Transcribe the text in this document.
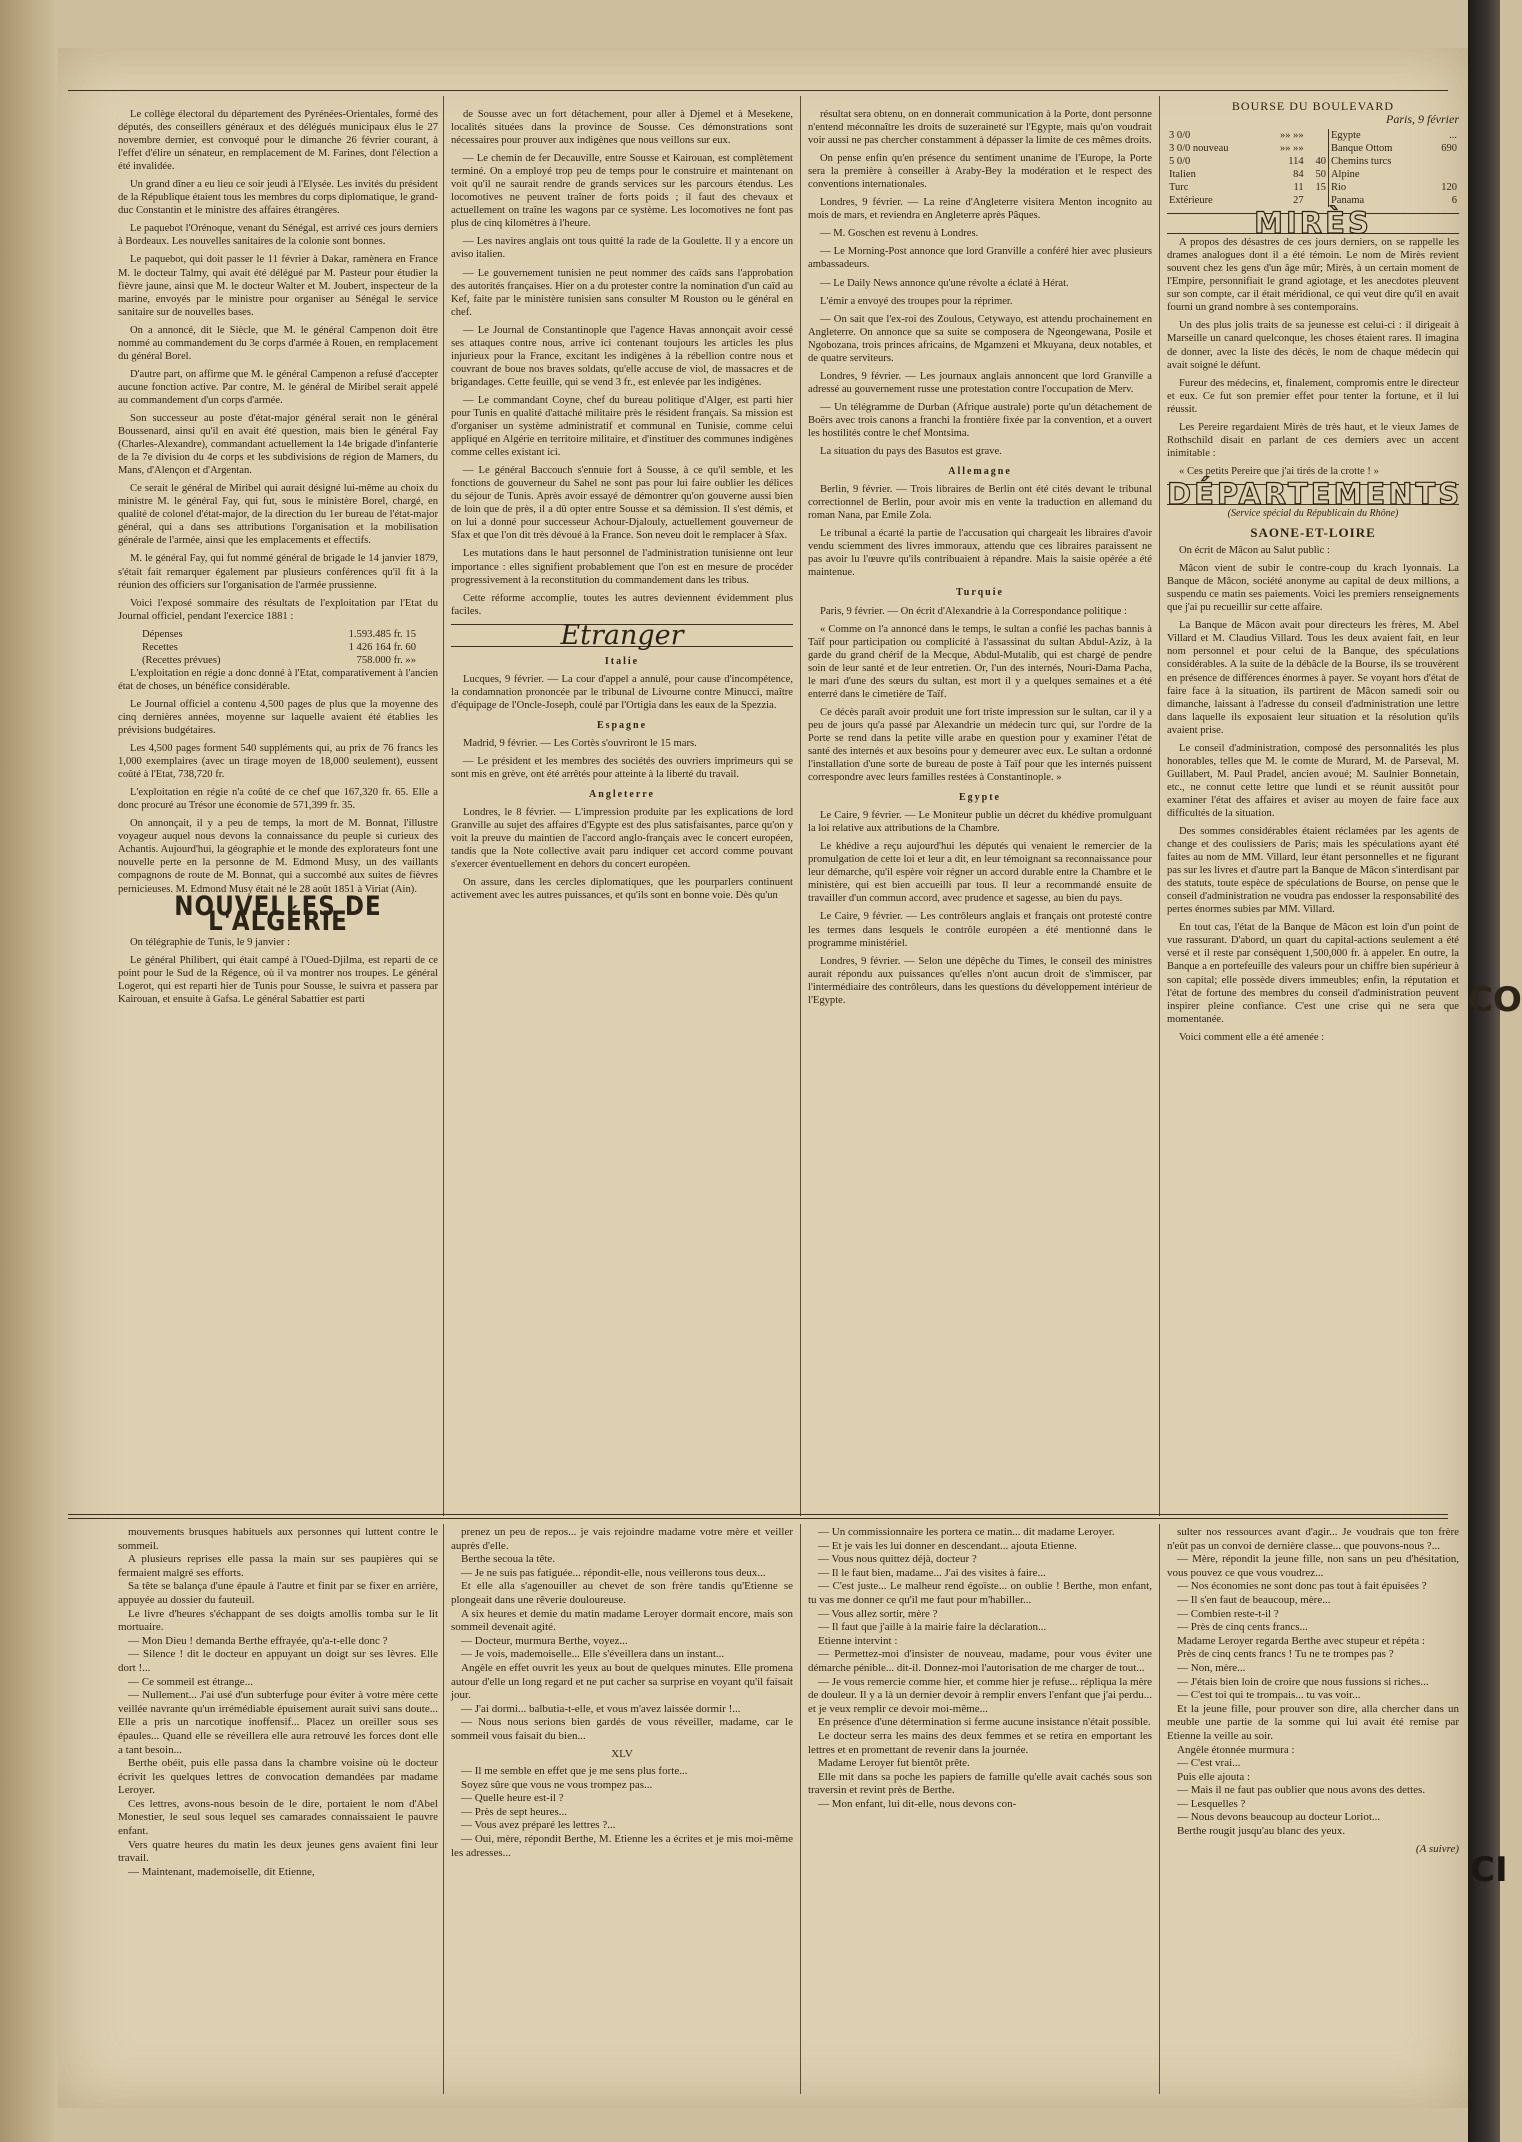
Le collège électoral du département des Pyrénées-Orientales, formé des députés, des conseillers généraux et des délégués municipaux élus le 27 novembre dernier, est convoqué pour le dimanche 26 février courant, à l'effet d'élire un sénateur, en remplacement de M. Farines, dont l'élection a été invalidée.

Un grand dîner a eu lieu ce soir jeudi à l'Elysée. Les invités du président de la République étaient tous les membres du corps diplomatique, le grand-duc Constantin et le ministre des affaires étrangères.

Le paquebot l'Orénoque, venant du Sénégal, est arrivé ces jours derniers à Bordeaux. Les nouvelles sanitaires de la colonie sont bonnes.

Le paquebot, qui doit passer le 11 février à Dakar, ramènera en France M. le docteur Talmy, qui avait été délégué par M. Pasteur pour étudier la fièvre jaune, ainsi que M. le docteur Walter et M. Joubert, inspecteur de la marine, envoyés par le ministre pour organiser au Sénégal le service sanitaire sur de nouvelles bases.

On a annoncé, dit le Siècle, que M. le général Campenon doit être nommé au commandement du 3e corps d'armée à Rouen, en remplacement du général Borel.

D'autre part, on affirme que M. le général Campenon a refusé d'accepter aucune fonction active. Par contre, M. le général de Miribel serait appelé au commandement d'un corps d'armée.

Son successeur au poste d'état-major général serait non le général Boussenard, ainsi qu'il en avait été question, mais bien le général Fay (Charles-Alexandre), commandant actuellement la 14e brigade d'infanterie de la 7e division du 4e corps et les subdivisions de région de Mamers, du Mans, d'Alençon et d'Argentan.

Ce serait le général de Miribel qui aurait désigné lui-même au choix du ministre M. le général Fay, qui fut, sous le ministère Borel, chargé, en qualité de colonel d'état-major, de la direction du 1er bureau de l'état-major général, qui a dans ses attributions l'organisation et la mobilisation générale de l'armée, ainsi que les emplacements et effectifs.

M. le général Fay, qui fut nommé général de brigade le 14 janvier 1879, s'était fait remarquer également par plusieurs conférences qu'il fit à la réunion des officiers sur l'organisation de l'armée prussienne.

Voici l'exposé sommaire des résultats de l'exploitation par l'Etat du Journal officiel, pendant l'exercice 1881 :

Dépenses	1.593.485 fr. 15
Recettes	1 426 164 fr. 60
(Recettes prévues)	758.000 fr. »»

L'exploitation en régie a donc donné à l'Etat, comparativement à l'ancien état de choses, un bénéfice considérable.

Le Journal officiel a contenu 4,500 pages de plus que la moyenne des cinq dernières années, moyenne sur laquelle avaient été établies les prévisions budgétaires.

Les 4,500 pages forment 540 suppléments qui, au prix de 76 francs les 1,000 exemplaires (avec un tirage moyen de 18,000 seulement), eussent coûté à l'Etat, 738,720 fr.

L'exploitation en régie n'a coûté de ce chef que 167,320 fr. 65. Elle a donc procuré au Trésor une économie de 571,399 fr. 35.

On annonçait, il y a peu de temps, la mort de M. Bonnat, l'illustre voyageur auquel nous devons la connaissance du peuple si curieux des Achantis. Aujourd'hui, la géographie et le monde des explorateurs font une nouvelle perte en la personne de M. Edmond Musy, un des vaillants compagnons de route de M. Bonnat, qui a succombé aux suites de fièvres pernicieuses. M. Edmond Musy était né le 28 août 1851 à Viriat (Ain).

NOUVELLES DE L'ALGÉRIE

On télégraphie de Tunis, le 9 janvier :

Le général Philibert, qui était campé à l'Oued-Djilma, est reparti de ce point pour le Sud de la Régence, où il va montrer nos troupes. Le général Logerot, qui est reparti hier de Tunis pour Sousse, le suivra et passera par Kairouan, et ensuite à Gafsa. Le général Sabattier est parti

de Sousse avec un fort détachement, pour aller à Djemel et à Mesekene, localités situées dans la province de Sousse. Ces démonstrations sont nécessaires pour prouver aux indigènes que nous veillons sur eux.

— Le chemin de fer Decauville, entre Sousse et Kairouan, est complètement terminé. On a employé trop peu de temps pour le construire et maintenant on voit qu'il ne saurait rendre de grands services sur les parcours étendus. Les locomotives ne peuvent traîner de forts poids ; il faut des chevaux et actuellement on traîne les wagons par ce système. Les locomotives ne font pas plus de cinq kilomètres à l'heure.

— Les navires anglais ont tous quitté la rade de la Goulette. Il y a encore un aviso italien.

— Le gouvernement tunisien ne peut nommer des caïds sans l'approbation des autorités françaises. Hier on a du protester contre la nomination d'un caïd au Kef, faite par le ministère tunisien sans consulter M Rouston ou le général en chef.

— Le Journal de Constantinople que l'agence Havas annonçait avoir cessé ses attaques contre nous, arrive ici contenant toujours les articles les plus injurieux pour la France, excitant les indigènes à la rébellion contre nous et couvrant de boue nos braves soldats, qu'elle accuse de viol, de massacres et de brigandages. Cette feuille, qui se vend 3 fr., est enlevée par les indigènes.

— Le commandant Coyne, chef du bureau politique d'Alger, est parti hier pour Tunis en qualité d'attaché militaire près le résident français. Sa mission est d'organiser un système administratif et communal en Tunisie, comme celui appliqué en Algérie en territoire militaire, et d'instituer des communes indigènes comme celles existant ici.

— Le général Baccouch s'ennuie fort à Sousse, à ce qu'il semble, et les fonctions de gouverneur du Sahel ne sont pas pour lui faire oublier les délices du séjour de Tunis. Après avoir essayé de démontrer qu'on gouverne aussi bien de loin que de près, il a dû opter entre Sousse et sa démission. Il s'est démis, et on lui a donné pour successeur Achour-Djalouly, actuellement gouverneur de Sfax et que l'on dit très dévoué à la France. Son neveu doit le remplacer à Sfax.

Les mutations dans le haut personnel de l'administration tunisienne ont leur importance : elles signifient probablement que l'on est en mesure de procéder progressivement à la reconstitution du commandement dans les tribus.

Cette réforme accomplie, toutes les autres deviennent évidemment plus faciles.

Etranger
Italie

Lucques, 9 février. — La cour d'appel a annulé, pour cause d'incompétence, la condamnation prononcée par le tribunal de Livourne contre Minucci, maître d'équipage de l'Oncle-Joseph, coulé par l'Ortigia dans les eaux de la Spezzia.

Espagne

Madrid, 9 février. — Les Cortès s'ouvriront le 15 mars.

— Le président et les membres des sociétés des ouvriers imprimeurs qui se sont mis en grève, ont été arrêtés pour atteinte à la liberté du travail.

Angleterre

Londres, le 8 février. — L'impression produite par les explications de lord Granville au sujet des affaires d'Egypte est des plus satisfaisantes, parce qu'on y voit la preuve du maintien de l'accord anglo-français avec le concert européen, tandis que la Note collective avait paru indiquer cet accord comme pouvant s'exercer éventuellement en dehors du concert européen.

On assure, dans les cercles diplomatiques, que les pourparlers continuent activement avec les autres puissances, et qu'ils sont en bonne voie. Dès qu'un

résultat sera obtenu, on en donnerait communication à la Porte, dont personne n'entend méconnaître les droits de suzeraineté sur l'Egypte, mais qu'on voudrait voir aussi ne pas chercher constamment à dépasser la limite de ces mêmes droits.

On pense enfin qu'en présence du sentiment unanime de l'Europe, la Porte sera la première à conseiller à Araby-Bey la modération et le respect des conventions internationales.

Londres, 9 février. — La reine d'Angleterre visitera Menton incognito au mois de mars, et reviendra en Angleterre après Pâques.

— M. Goschen est revenu à Londres.

— Le Morning-Post annonce que lord Granville a conféré hier avec plusieurs ambassadeurs.

— Le Daily News annonce qu'une révolte a éclaté à Hérat.

L'émir a envoyé des troupes pour la réprimer.

— On sait que l'ex-roi des Zoulous, Cetywayo, est attendu prochainement en Angleterre. On annonce que sa suite se composera de Ngeongewana, Posile et Ngobozana, trois princes africains, de Mgamzeni et Mkuyana, deux notables, et de quatre serviteurs.

Londres, 9 février. — Les journaux anglais annoncent que lord Granville a adressé au gouvernement russe une protestation contre l'occupation de Merv.

— Un télégramme de Durban (Afrique australe) porte qu'un détachement de Boërs avec trois canons a franchi la frontière fixée par la convention, et a ouvert les hostilités contre le chef Montsima.

La situation du pays des Basutos est grave.

Allemagne

Berlin, 9 février. — Trois libraires de Berlin ont été cités devant le tribunal correctionnel de Berlin, pour avoir mis en vente la traduction en allemand du roman Nana, par Emile Zola.

Le tribunal a écarté la partie de l'accusation qui chargeait les libraires d'avoir vendu sciemment des livres immoraux, attendu que ces libraires paraissent ne pas avoir lu l'œuvre qu'ils contribuaient à répandre. Mais la saisie opérée a été maintenue.

Turquie

Paris, 9 février. — On écrit d'Alexandrie à la Correspondance politique :

« Comme on l'a annoncé dans le temps, le sultan a confié les pachas bannis à Taïf pour participation ou complicité à l'assassinat du sultan Abdul-Aziz, à la garde du grand chérif de la Mecque, Abdul-Mutalib, qui est chargé de pendre soin de leur santé et de leur entretien. Or, l'un des internés, Nouri-Dama Pacha, le mari d'une des sœurs du sultan, est mort il y a quelques semaines et a été enterré dans le cimetière de Taïf.

Ce décès paraît avoir produit une fort triste impression sur le sultan, car il y a peu de jours qu'a passé par Alexandrie un médecin turc qui, sur l'ordre de la Porte se rend dans la petite ville arabe en question pour y examiner l'état de santé des internés et aux besoins pour y demeurer avec eux. Le sultan a ordonné l'installation d'une sorte de bureau de poste à Taïf pour que les internés puissent correspondre avec leurs familles restées à Constantinople. »

Egypte

Le Caire, 9 février. — Le Moniteur publie un décret du khédive promulguant la loi relative aux attributions de la Chambre.

Le khédive a reçu aujourd'hui les députés qui venaient le remercier de la promulgation de cette loi et leur a dit, en leur témoignant sa reconnaissance pour leur démarche, qu'il espère voir régner un accord durable entre la Chambre et le ministère, qui est bien accueilli par tous. Il leur a recommandé ensuite de travailler d'un commun accord, avec prudence et sagesse, au bien du pays.

Le Caire, 9 février. — Les contrôleurs anglais et français ont protesté contre les termes dans lesquels le contrôle européen a été mentionné dans le programme ministériel.

Londres, 9 février. — Selon une dépêche du Times, le conseil des ministres aurait répondu aux puissances qu'elles n'ont aucun droit de s'immiscer, par l'intermédiaire des contrôleurs, dans les questions du développement intérieur de l'Egypte.

BOURSE DU BOULEVARD
Paris, 9 février
3 0/0	»» »»		Egypte	...
3 0/0 nouveau	»» »»		Banque Ottom	690
5 0/0	114	40	Chemins turcs	
Italien	84	50	Alpine	
Turc	11	15	Rio	120
Extérieure	27		Panama	6
MIRÈS

A propos des désastres de ces jours derniers, on se rappelle les drames analogues dont il a été témoin. Le nom de Mirès revient souvent chez les gens d'un âge mûr; Mirès, à un certain moment de l'Empire, personnifiait le grand agiotage, et les anecdotes pleuvent sur son compte, car il était méridional, ce qui veut dire qu'il en avait fourni un grand nombre à ses contemporains.

Un des plus jolis traits de sa jeunesse est celui-ci : il dirigeait à Marseille un canard quelconque, les choses étaient rares. Il imagina de donner, avec la liste des décès, le nom de chaque médecin qui avait soigné le défunt.

Fureur des médecins, et, finalement, compromis entre le directeur et eux. Ce fut son premier effet pour tenter la fortune, et il lui réussit.

Les Pereire regardaient Mirès de très haut, et le vieux James de Rothschild disait en parlant de ces derniers avec un accent inimitable :

« Ces petits Pereire que j'ai tirés de la crotte ! »

DÉPARTEMENTS
(Service spécial du Républicain du Rhône)
SAONE-ET-LOIRE

On écrit de Mâcon au Salut public :

Mâcon vient de subir le contre-coup du krach lyonnais. La Banque de Mâcon, société anonyme au capital de deux millions, a suspendu ce matin ses paiements. Voici les premiers renseignements que j'ai pu recueillir sur cette affaire.

La Banque de Mâcon avait pour directeurs les frères, M. Abel Villard et M. Claudius Villard. Tous les deux avaient fait, en leur nom personnel et pour celui de la Banque, des spéculations considérables. A la suite de la débâcle de la Bourse, ils se trouvèrent en présence de différences énormes à payer. Se voyant hors d'état de faire face à la situation, ils partirent de Mâcon samedi soir ou dimanche, laissant à l'adresse du conseil d'administration une lettre dans laquelle ils exposaient leur situation et la résolution qu'ils avaient prise.

Le conseil d'administration, composé des personnalités les plus honorables, telles que M. le comte de Murard, M. de Parseval, M. Guillabert, M. Paul Pradel, ancien avoué; M. Saulnier Bonnetain, etc., ne connut cette lettre que lundi et se réunit aussitôt pour examiner l'état des affaires et aviser au moyen de faire face aux difficultés de la situation.

Des sommes considérables étaient réclamées par les agents de change et des coulissiers de Paris; mais les spéculations ayant été faites au nom de MM. Villard, leur étant personnelles et ne figurant pas sur les livres et d'autre part la Banque de Mâcon s'interdisant par des statuts, toute espèce de spéculations de Bourse, on pense que le conseil d'administration ne voudra pas endosser la responsabilité des pertes énormes subies par MM. Villard.

En tout cas, l'état de la Banque de Mâcon est loin d'un point de vue rassurant. D'abord, un quart du capital-actions seulement a été versé et il reste par conséquent 1,500,000 fr. à appeler. En outre, la Banque a en portefeuille des valeurs pour un chiffre bien supérieur à son capital; elle possède divers immeubles; enfin, la réputation et l'état de fortune des membres du conseil d'administration peuvent inspirer pleine confiance. C'est une crise qui ne sera que momentanée.

Voici comment elle a été amenée :

mouvements brusques habituels aux personnes qui luttent contre le sommeil.

A plusieurs reprises elle passa la main sur ses paupières qui se fermaient malgré ses efforts.

Sa tête se balança d'une épaule à l'autre et finit par se fixer en arrière, appuyée au dossier du fauteuil.

Le livre d'heures s'échappant de ses doigts amollis tomba sur le lit mortuaire.

— Mon Dieu ! demanda Berthe effrayée, qu'a-t-elle donc ?

— Silence ! dit le docteur en appuyant un doigt sur ses lèvres. Elle dort !...

— Ce sommeil est étrange...

— Nullement... J'ai usé d'un subterfuge pour éviter à votre mère cette veillée navrante qu'un irrémédiable épuisement aurait suivi sans doute... Elle a pris un narcotique inoffensif... Placez un oreiller sous ses épaules... Quand elle se réveillera elle aura retrouvé les forces dont elle a tant besoin...

Berthe obéit, puis elle passa dans la chambre voisine où le docteur écrivit les quelques lettres de convocation demandées par madame Leroyer.

Ces lettres, avons-nous besoin de le dire, portaient le nom d'Abel Monestier, le seul sous lequel ses camarades connaissaient le pauvre enfant.

Vers quatre heures du matin les deux jeunes gens avaient fini leur travail.

— Maintenant, mademoiselle, dit Etienne,

prenez un peu de repos... je vais rejoindre madame votre mère et veiller auprès d'elle.

Berthe secoua la tête.

— Je ne suis pas fatiguée... répondit-elle, nous veillerons tous deux...

Et elle alla s'agenouiller au chevet de son frère tandis qu'Etienne se plongeait dans une rêverie douloureuse.

A six heures et demie du matin madame Leroyer dormait encore, mais son sommeil devenait agité.

— Docteur, murmura Berthe, voyez...

— Je vois, mademoiselle... Elle s'éveillera dans un instant...

Angèle en effet ouvrit les yeux au bout de quelques minutes. Elle promena autour d'elle un long regard et ne put cacher sa surprise en voyant qu'il faisait jour.

— J'ai dormi... balbutia-t-elle, et vous m'avez laissée dormir !...

— Nous nous serions bien gardés de vous réveiller, madame, car le sommeil vous faisait du bien...

XLV

— Il me semble en effet que je me sens plus forte...

Soyez sûre que vous ne vous trompez pas...

— Quelle heure est-il ?

— Près de sept heures...

— Vous avez préparé les lettres ?...

— Oui, mère, répondit Berthe, M. Etienne les a écrites et je mis moi-même les adresses...

— Un commissionnaire les portera ce matin... dit madame Leroyer.

— Et je vais les lui donner en descendant... ajouta Etienne.

— Vous nous quittez déjà, docteur ?

— Il le faut bien, madame... J'ai des visites à faire...

— C'est juste... Le malheur rend égoïste... on oublie ! Berthe, mon enfant, tu vas me donner ce qu'il me faut pour m'habiller...

— Vous allez sortir, mère ?

— Il faut que j'aille à la mairie faire la déclaration...

Etienne intervint :

— Permettez-moi d'insister de nouveau, madame, pour vous éviter une démarche pénible... dit-il. Donnez-moi l'autorisation de me charger de tout...

— Je vous remercie comme hier, et comme hier je refuse... répliqua la mère de douleur. Il y a là un dernier devoir à remplir envers l'enfant que j'ai perdu... et je veux remplir ce devoir moi-même...

En présence d'une détermination si ferme aucune insistance n'était possible.

Le docteur serra les mains des deux femmes et se retira en emportant les lettres et en promettant de revenir dans la journée.

Madame Leroyer fut bientôt prête.

Elle mit dans sa poche les papiers de famille qu'elle avait cachés sous son traversin et revint près de Berthe.

— Mon enfant, lui dit-elle, nous devons con-

sulter nos ressources avant d'agir... Je voudrais que ton frère n'eût pas un convoi de dernière classe... que pouvons-nous ?...

— Mère, répondit la jeune fille, non sans un peu d'hésitation, vous pouvez ce que vous voudrez...

— Nos économies ne sont donc pas tout à fait épuisées ?

— Il s'en faut de beaucoup, mère...

— Combien reste-t-il ?

— Près de cinq cents francs...

Madame Leroyer regarda Berthe avec stupeur et répéta :

Près de cinq cents francs ! Tu ne te trompes pas ?

— Non, mère...

— J'étais bien loin de croire que nous fussions si riches...

— C'est toi qui te trompais... tu vas voir...

Et la jeune fille, pour prouver son dire, alla chercher dans un meuble une partie de la somme qui lui avait été remise par Etienne la veille au soir.

Angèle étonnée murmura :

— C'est vrai...

Puis elle ajouta :

— Mais il ne faut pas oublier que nous avons des dettes.

— Lesquelles ?

— Nous devons beaucoup au docteur Loriot...

Berthe rougit jusqu'au blanc des yeux.

(A suivre)
CO
CI
